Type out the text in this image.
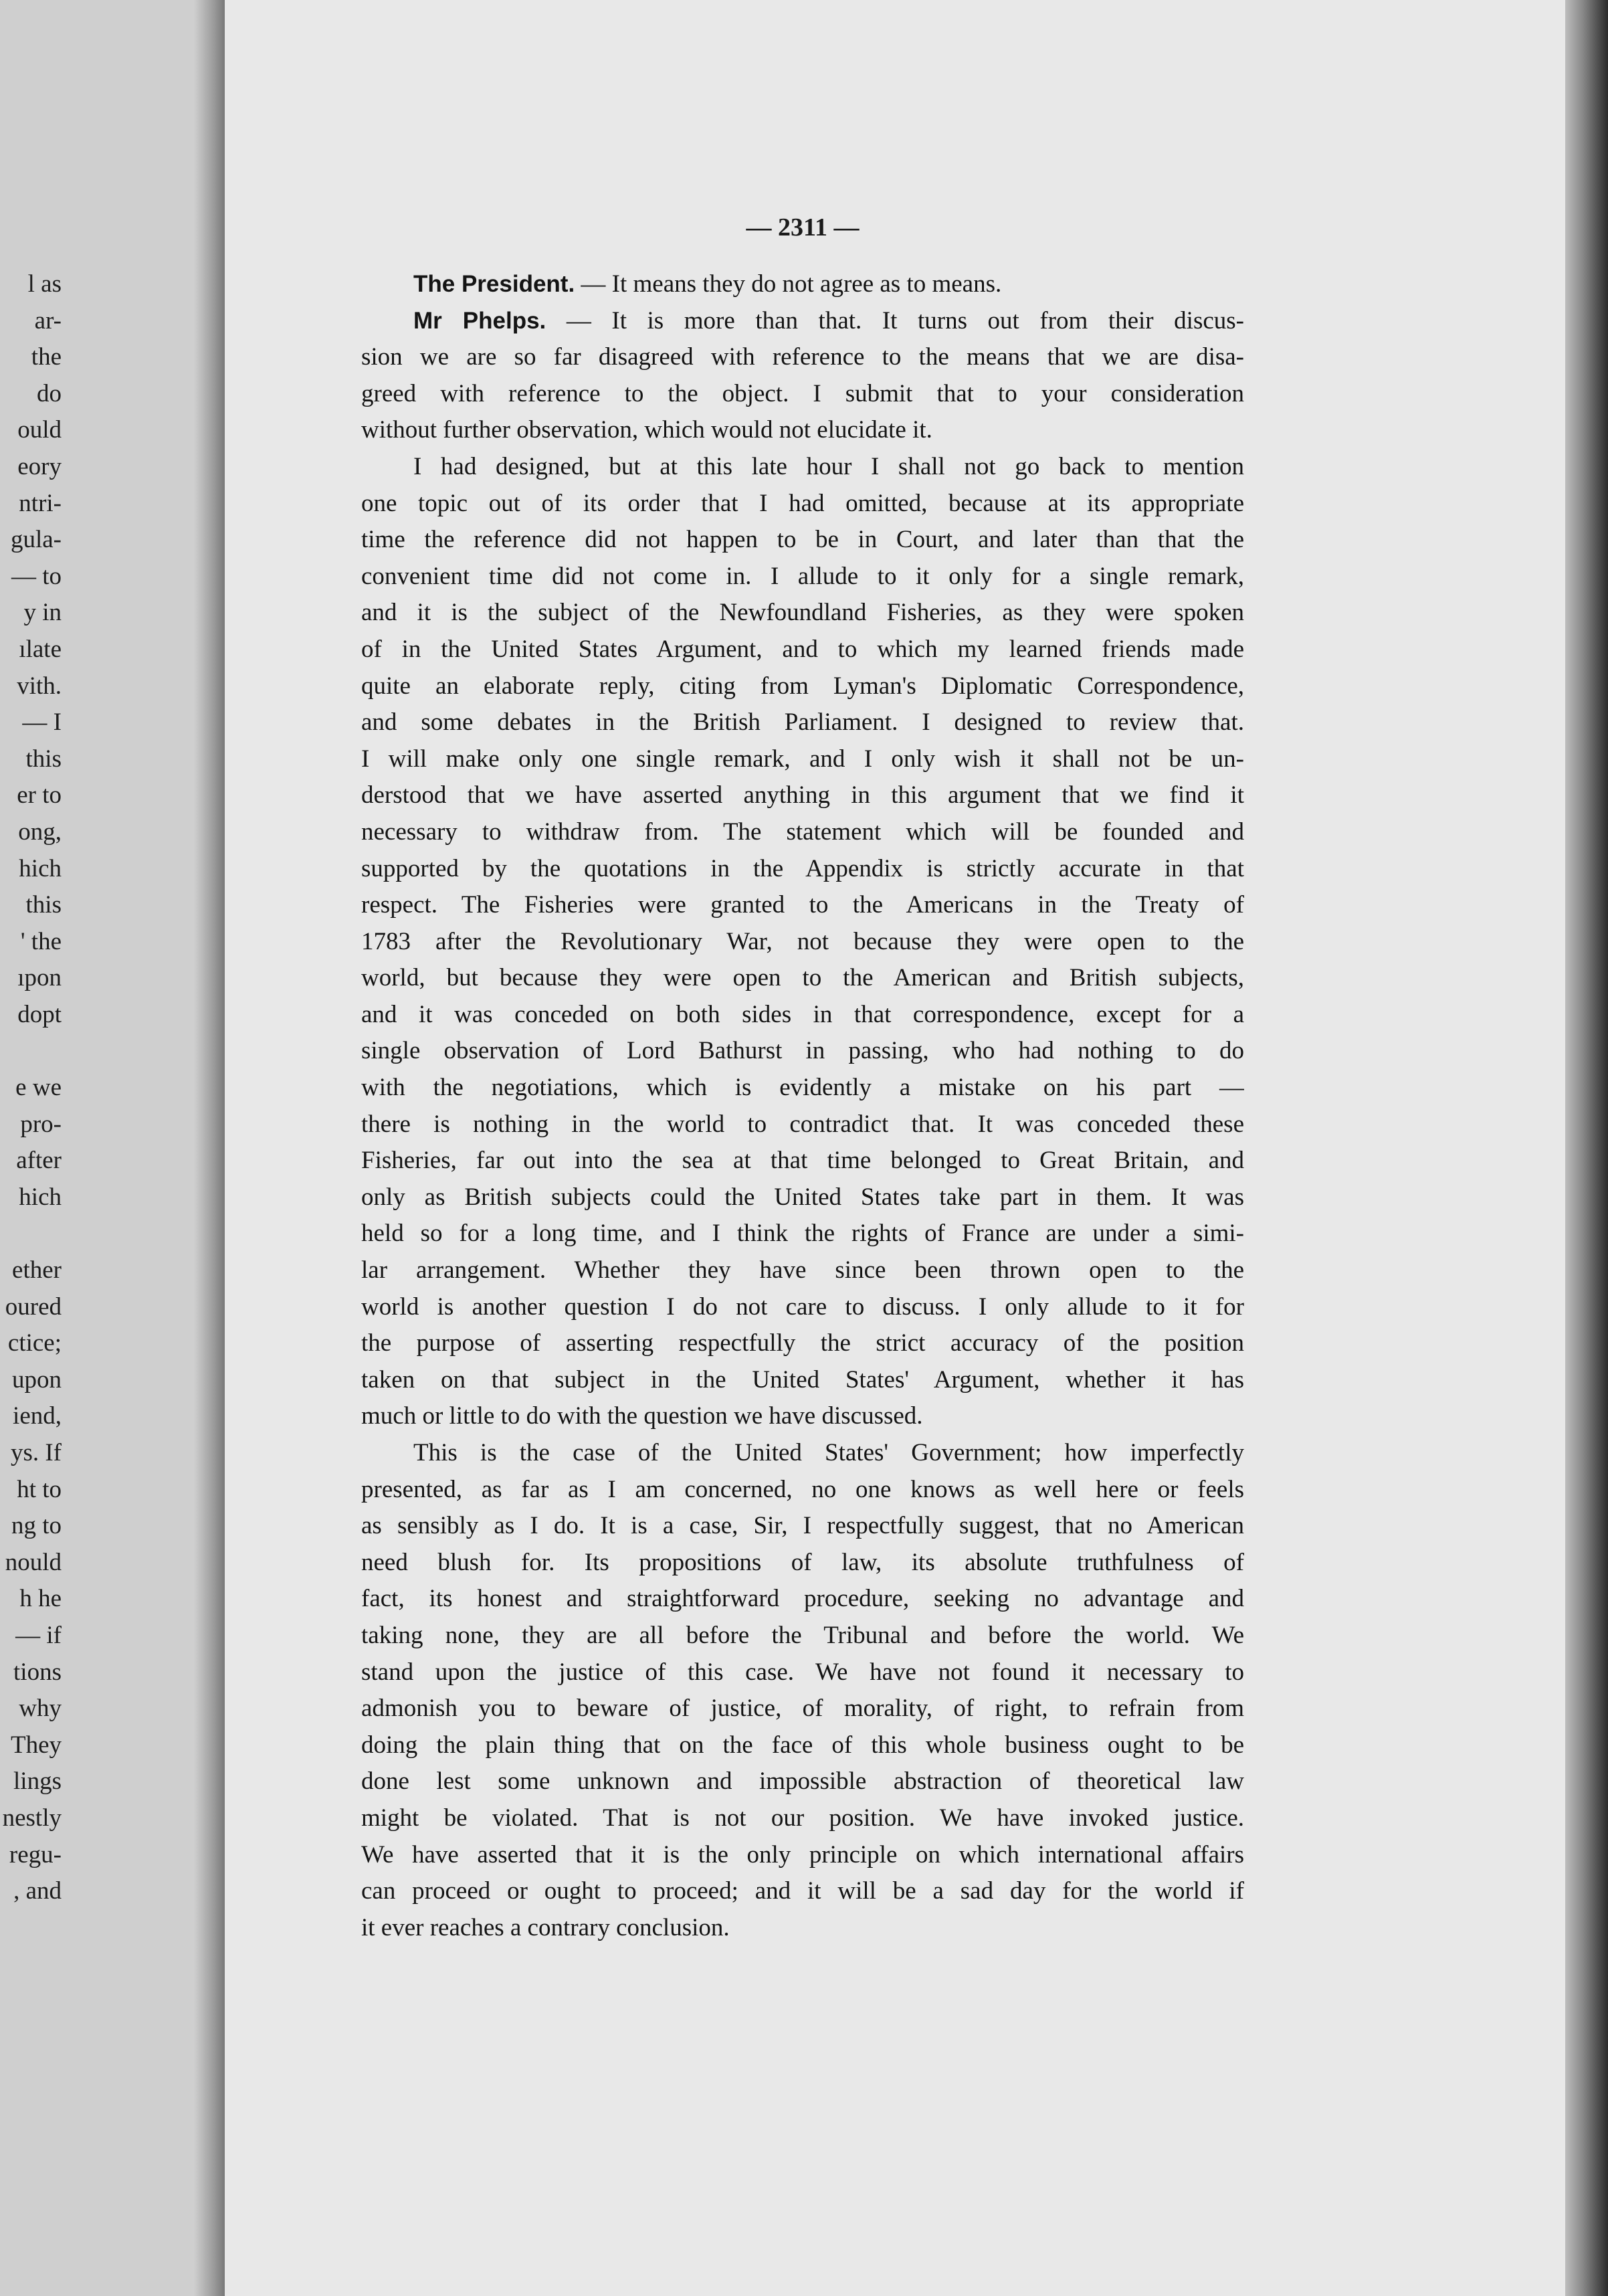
l as
ar-
the
do
ould
eory
ntri-
gula-
— to
y in
ılate
vith.
— I
this
er to
ong,
hich
this
' the
ıpon
dopt
e we
pro-
after
hich
ether
oured
ctice;
upon
iend,
ys. If
ht to
ng to
nould
h he
— if
tions
why
They
lings
nestly
regu-
, and
— 2311 —
The President. — It means they do not agree as to means.
Mr Phelps. — It is more than that. It turns out from their discus-
sion we are so far disagreed with reference to the means that we are disa-
greed with reference to the object. I submit that to your consideration
without further observation, which would not elucidate it.
I had designed, but at this late hour I shall not go back to mention
one topic out of its order that I had omitted, because at its appropriate
time the reference did not happen to be in Court, and later than that the
convenient time did not come in. I allude to it only for a single remark,
and it is the subject of the Newfoundland Fisheries, as they were spoken
of in the United States Argument, and to which my learned friends made
quite an elaborate reply, citing from Lyman's Diplomatic Correspondence,
and some debates in the British Parliament. I designed to review that.
I will make only one single remark, and I only wish it shall not be un-
derstood that we have asserted anything in this argument that we find it
necessary to withdraw from. The statement which will be founded and
supported by the quotations in the Appendix is strictly accurate in that
respect. The Fisheries were granted to the Americans in the Treaty of
1783 after the Revolutionary War, not because they were open to the
world, but because they were open to the American and British subjects,
and it was conceded on both sides in that correspondence, except for a
single observation of Lord Bathurst in passing, who had nothing to do
with the negotiations, which is evidently a mistake on his part —
there is nothing in the world to contradict that. It was conceded these
Fisheries, far out into the sea at that time belonged to Great Britain, and
only as British subjects could the United States take part in them. It was
held so for a long time, and I think the rights of France are under a simi-
lar arrangement. Whether they have since been thrown open to the
world is another question I do not care to discuss. I only allude to it for
the purpose of asserting respectfully the strict accuracy of the position
taken on that subject in the United States' Argument, whether it has
much or little to do with the question we have discussed.
This is the case of the United States' Government; how imperfectly
presented, as far as I am concerned, no one knows as well here or feels
as sensibly as I do. It is a case, Sir, I respectfully suggest, that no American
need blush for. Its propositions of law, its absolute truthfulness of
fact, its honest and straightforward procedure, seeking no advantage and
taking none, they are all before the Tribunal and before the world. We
stand upon the justice of this case. We have not found it necessary to
admonish you to beware of justice, of morality, of right, to refrain from
doing the plain thing that on the face of this whole business ought to be
done lest some unknown and impossible abstraction of theoretical law
might be violated. That is not our position. We have invoked justice.
We have asserted that it is the only principle on which international affairs
can proceed or ought to proceed; and it will be a sad day for the world if
it ever reaches a contrary conclusion.
